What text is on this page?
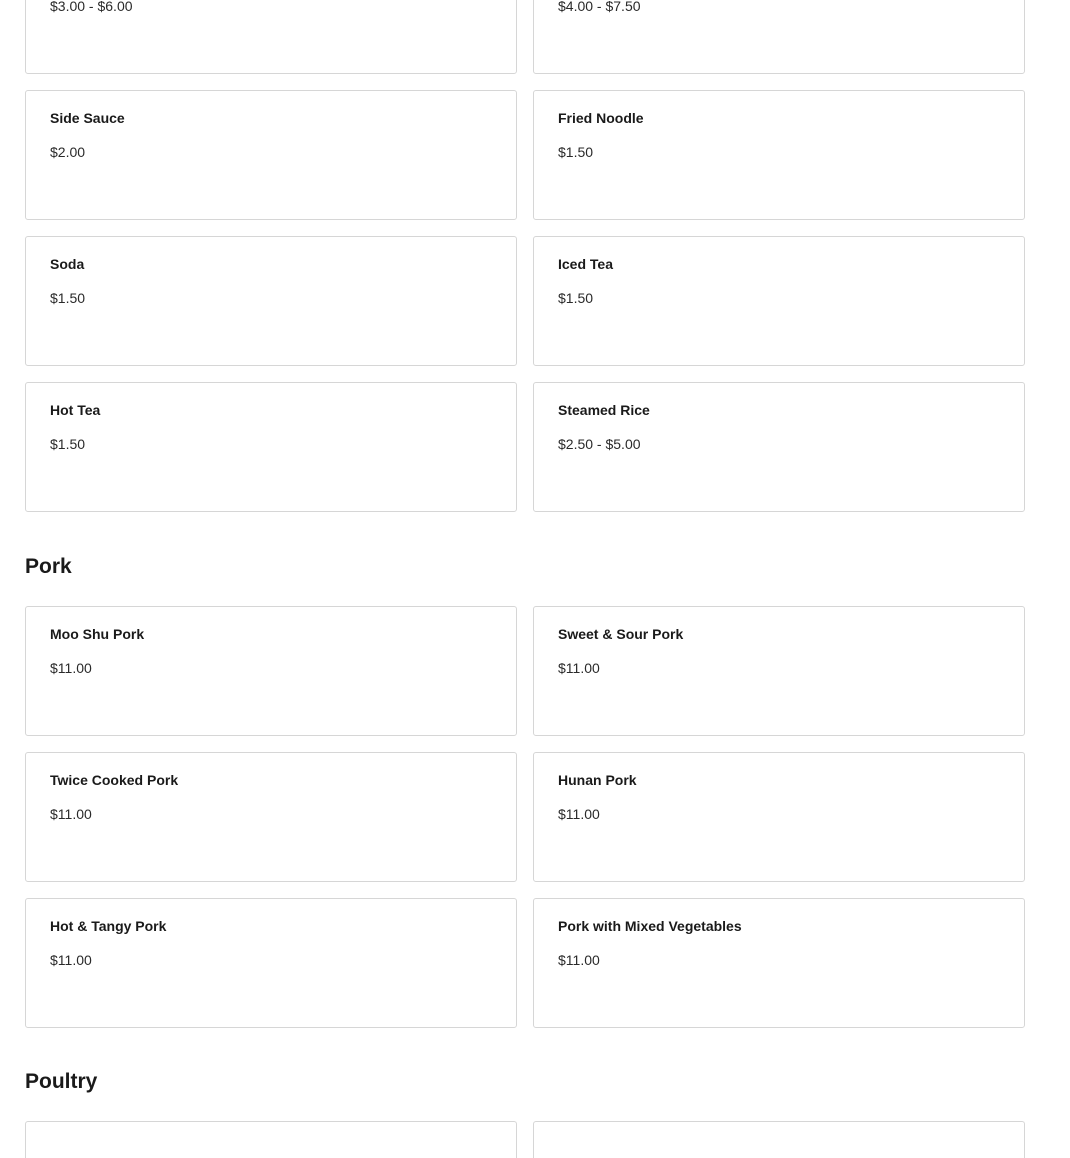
$3.00 - $6.00	$4.00 - $7.50
Side Sauce
$2.00
Fried Noodle
$1.50
Soda
$1.50
Iced Tea
$1.50
Hot Tea
$1.50
Steamed Rice
$2.50 - $5.00
Pork
Moo Shu Pork
$11.00
Sweet & Sour Pork
$11.00
Twice Cooked Pork
$11.00
Hunan Pork
$11.00
Hot & Tangy Pork
$11.00
Pork with Mixed Vegetables
$11.00
Poultry
